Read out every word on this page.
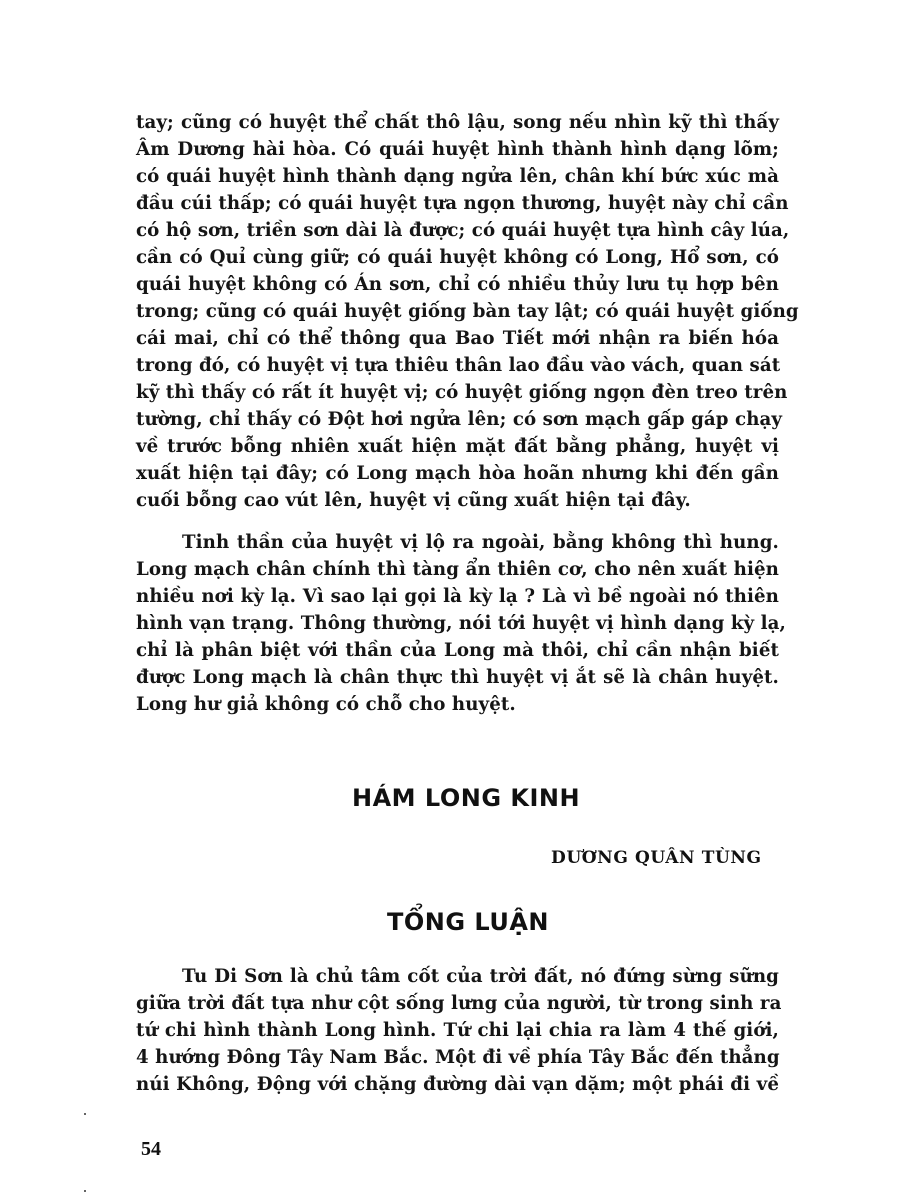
tay; cũng có huyệt thể chất thô lậu, song nếu nhìn kỹ thì thấy
Âm Dương hài hòa. Có quái huyệt hình thành hình dạng lõm;
có quái huyệt hình thành dạng ngửa lên, chân khí bức xúc mà
đầu cúi thấp; có quái huyệt tựa ngọn thương, huyệt này chỉ cần
có hộ sơn, triền sơn dài là được; có quái huyệt tựa hình cây lúa,
cần có Quỉ cùng giữ; có quái huyệt không có Long, Hổ sơn, có
quái huyệt không có Án sơn, chỉ có nhiều thủy lưu tụ hợp bên
trong; cũng có quái huyệt giống bàn tay lật; có quái huyệt giống
cái mai, chỉ có thể thông qua Bao Tiết mới nhận ra biến hóa
trong đó, có huyệt vị tựa thiêu thân lao đầu vào vách, quan sát
kỹ thì thấy có rất ít huyệt vị; có huyệt giống ngọn đèn treo trên
tường, chỉ thấy có Đột hơi ngửa lên; có sơn mạch gấp gáp chạy
về trước bỗng nhiên xuất hiện mặt đất bằng phẳng, huyệt vị
xuất hiện tại đây; có Long mạch hòa hoãn nhưng khi đến gần
cuối bỗng cao vút lên, huyệt vị cũng xuất hiện tại đây.
Tinh thần của huyệt vị lộ ra ngoài, bằng không thì hung.
Long mạch chân chính thì tàng ẩn thiên cơ, cho nên xuất hiện
nhiều nơi kỳ lạ. Vì sao lại gọi là kỳ lạ ? Là vì bề ngoài nó thiên
hình vạn trạng. Thông thường, nói tới huyệt vị hình dạng kỳ lạ,
chỉ là phân biệt với thần của Long mà thôi, chỉ cần nhận biết
được Long mạch là chân thực thì huyệt vị ắt sẽ là chân huyệt.
Long hư giả không có chỗ cho huyệt.
HÁM LONG KINH
DƯƠNG QUÂN TÙNG
TỔNG LUẬN
Tu Di Sơn là chủ tâm cốt của trời đất, nó đứng sừng sững
giữa trời đất tựa như cột sống lưng của người, từ trong sinh ra
tứ chi hình thành Long hình. Tứ chi lại chia ra làm 4 thế giới,
4 hướng Đông Tây Nam Bắc. Một đi về phía Tây Bắc đến thẳng
núi Không, Động với chặng đường dài vạn dặm; một phái đi về
54
